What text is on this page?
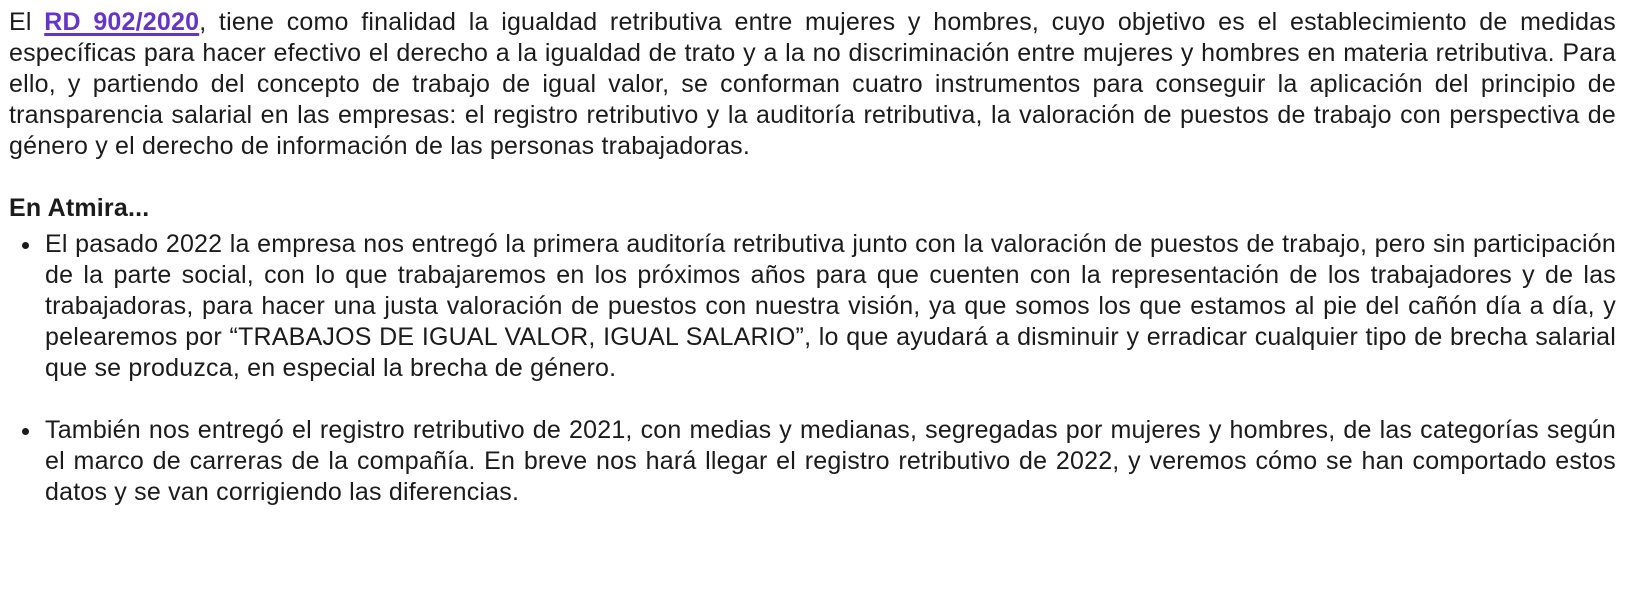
El RD 902/2020, tiene como finalidad la igualdad retributiva entre mujeres y hombres, cuyo objetivo es el establecimiento de medidas específicas para hacer efectivo el derecho a la igualdad de trato y a la no discriminación entre mujeres y hombres en materia retributiva. Para ello, y partiendo del concepto de trabajo de igual valor, se conforman cuatro instrumentos para conseguir la aplicación del principio de transparencia salarial en las empresas: el registro retributivo y la auditoría retributiva, la valoración de puestos de trabajo con perspectiva de género y el derecho de información de las personas trabajadoras.

En Atmira...
• El pasado 2022 la empresa nos entregó la primera auditoría retributiva junto con la valoración de puestos de trabajo, pero sin participación de la parte social, con lo que trabajaremos en los próximos años para que cuenten con la representación de los trabajadores y de las trabajadoras, para hacer una justa valoración de puestos con nuestra visión, ya que somos los que estamos al pie del cañón día a día, y pelearemos por “TRABAJOS DE IGUAL VALOR, IGUAL SALARIO”, lo que ayudará a disminuir y erradicar cualquier tipo de brecha salarial que se produzca, en especial la brecha de género.
• También nos entregó el registro retributivo de 2021, con medias y medianas, segregadas por mujeres y hombres, de las categorías según el marco de carreras de la compañía. En breve nos hará llegar el registro retributivo de 2022, y veremos cómo se han comportado estos datos y se van corrigiendo las diferencias.
